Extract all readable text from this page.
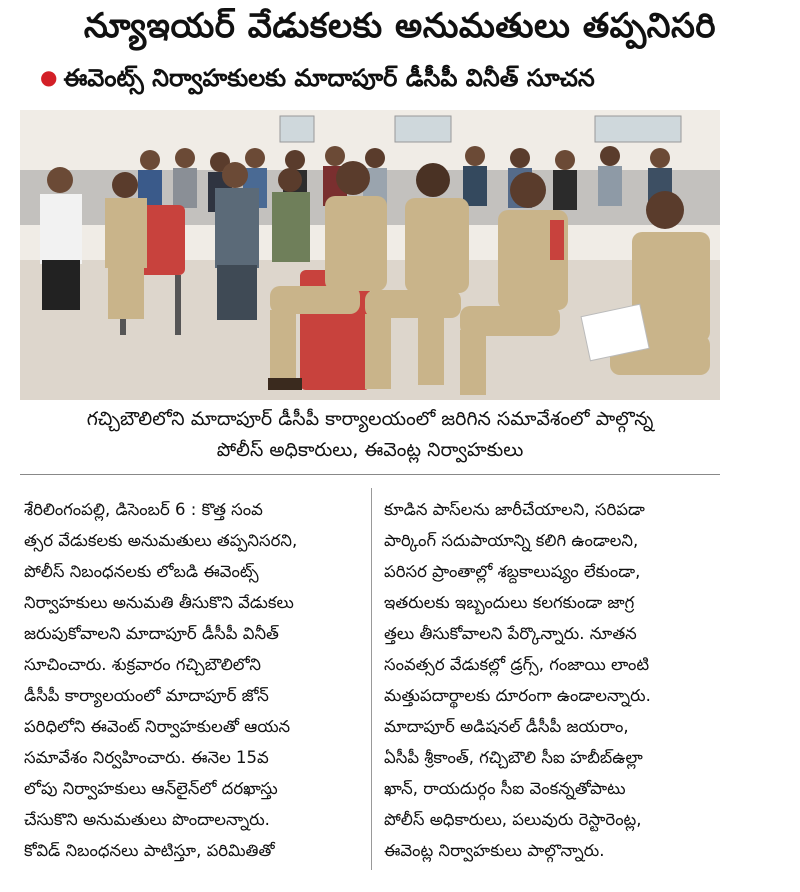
న్యూఇయర్ వేడుకలకు అనుమతులు తప్పనిసరి
● ఈవెంట్స్ నిర్వాహకులకు మాదాపూర్ డీసీపీ వినీత్ సూచన
గచ్చిబౌలిలోని మాదాపూర్ డీసీపీ కార్యాలయంలో జరిగిన సమావేశంలో పాల్గొన్న
పోలీస్ అధికారులు, ఈవెంట్ల నిర్వాహకులు
శేరిలింగంపల్లి, డిసెంబర్ 6 : కొత్త సంవ
త్సర వేడుకలకు అనుమతులు తప్పనిసరని,
పోలీస్ నిబంధనలకు లోబడి ఈవెంట్స్
నిర్వాహకులు అనుమతి తీసుకొని వేడుకలు
జరుపుకోవాలని మాదాపూర్ డీసీపీ వినీత్
సూచించారు. శుక్రవారం గచ్చిబౌలిలోని
డీసీపీ కార్యాలయంలో మాదాపూర్ జోన్
పరిధిలోని ఈవెంట్ నిర్వాహకులతో ఆయన
సమావేశం నిర్వహించారు. ఈనెల 15వ
లోపు నిర్వాహకులు ఆన్‌లైన్‌లో దరఖాస్తు
చేసుకొని అనుమతులు పొందాలన్నారు.
కోవిడ్ నిబంధనలు పాటిస్తూ, పరిమితితో
కూడిన పాస్‌లను జారీచేయాలని, సరిపడా
పార్కింగ్ సదుపాయాన్ని కలిగి ఉండాలని,
పరిసర ప్రాంతాల్లో శబ్దకాలుష్యం లేకుండా,
ఇతరులకు ఇబ్బందులు కలగకుండా జాగ్ర
త్తలు తీసుకోవాలని పేర్కొన్నారు. నూతన
సంవత్సర వేడుకల్లో డ్రగ్స్, గంజాయి లాంటి
మత్తుపదార్థాలకు దూరంగా ఉండాలన్నారు.
మాదాపూర్ అడిషనల్ డీసీపీ జయరాం,
ఏసీపీ శ్రీకాంత్, గచ్చిబౌలి సీఐ హబీబ్‌ఉల్లా
ఖాన్, రాయదుర్గం సీఐ వెంకన్నతోపాటు
పోలీస్ అధికారులు, పలువురు రెస్టారెంట్ల,
ఈవెంట్ల నిర్వాహకులు పాల్గొన్నారు.
